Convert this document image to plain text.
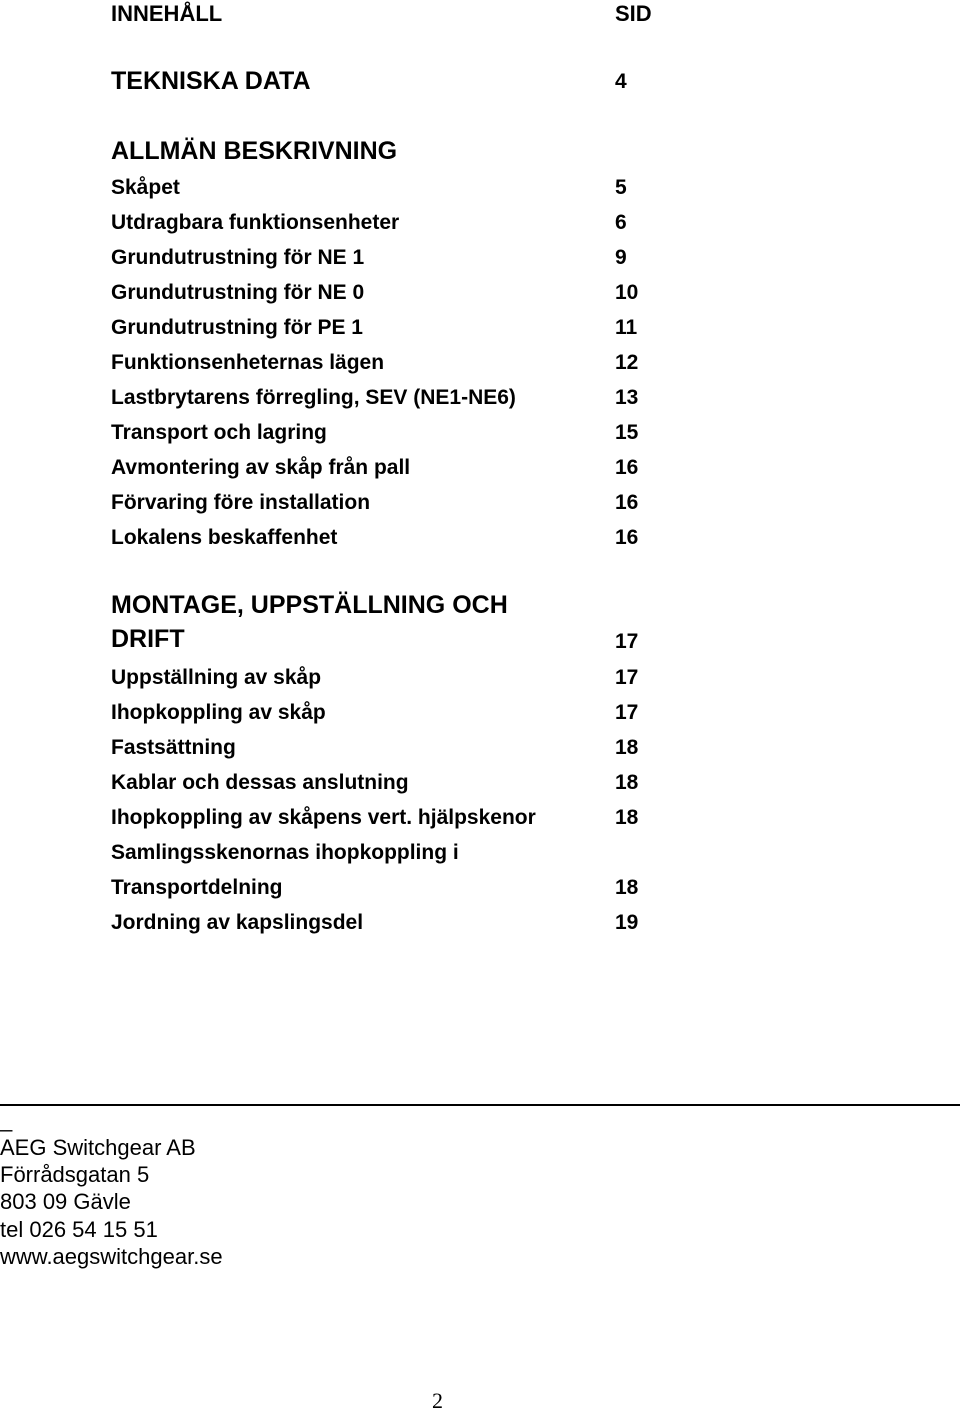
INNEHÅLL	SID
TEKNISKA DATA	4
ALLMÄN BESKRIVNING
Skåpet	5
Utdragbara funktionsenheter	6
Grundutrustning för NE 1	9
Grundutrustning för NE 0	10
Grundutrustning för PE 1	11
Funktionsenheternas lägen	12
Lastbrytarens förregling, SEV (NE1-NE6)	13
Transport och lagring	15
Avmontering av skåp från pall	16
Förvaring före installation	16
Lokalens beskaffenhet	16
MONTAGE, UPPSTÄLLNING OCH
DRIFT	17
Uppställning av skåp	17
Ihopkoppling av skåp	17
Fastsättning	18
Kablar och dessas anslutning	18
Ihopkoppling av skåpens vert. hjälpskenor	18
Samlingsskenornas ihopkoppling i
Transportdelning	18
Jordning av kapslingsdel	19
_
AEG Switchgear AB
Förrådsgatan 5
803 09 Gävle
tel 026 54 15 51
www.aegswitchgear.se
2
